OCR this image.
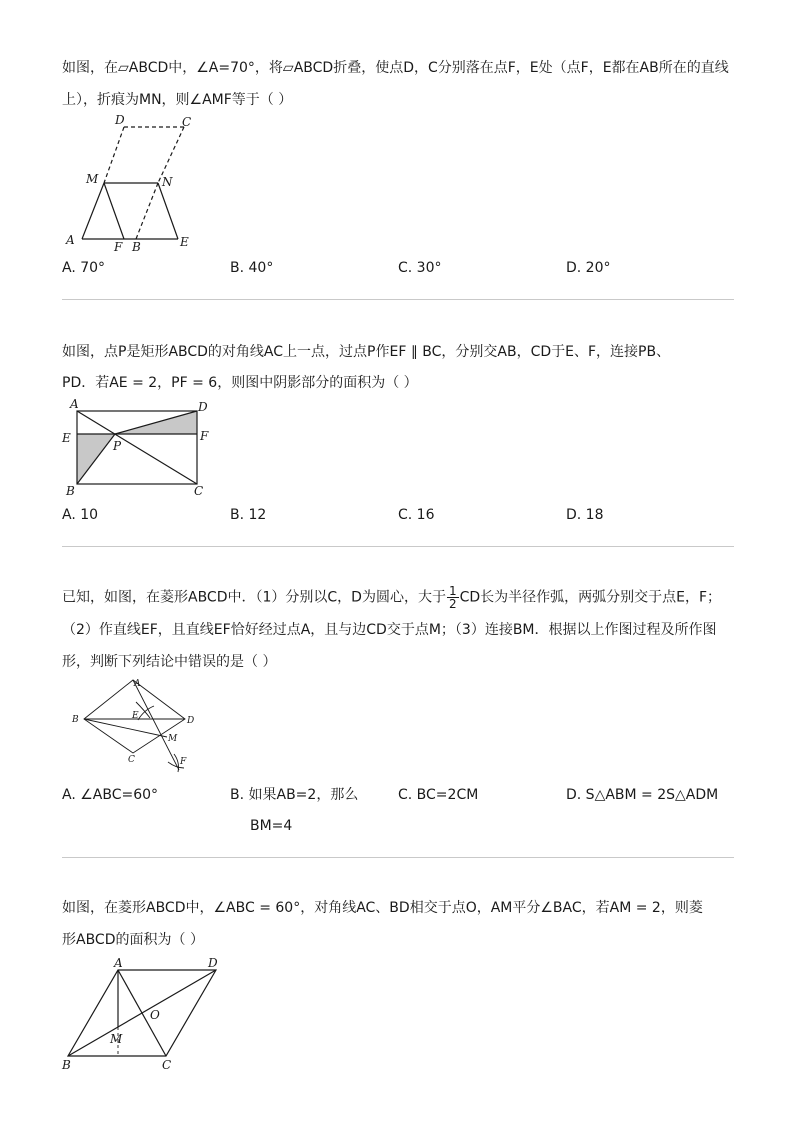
如图，在▱ABCD中，∠A=70°，将▱ABCD折叠，使点D，C分别落在点F，E处（点F，E都在AB所在的直线
上），折痕为MN，则∠AMF等于（ ）
D	C
M	N
A	F B	E
A. 70°	B. 40°	C. 30°	D. 20°
如图，点P是矩形ABCD的对角线AC上一点，过点P作EF ∥ BC，分别交AB，CD于E、F，连接PB、
PD．若AE = 2，PF = 6，则图中阴影部分的面积为（ ）
A	D
E	F
P
B	C
A. 10	B. 12	C. 16	D. 18
已知，如图，在菱形ABCD中．（1）分别以C，D为圆心，大于 $\frac{1}{2}$ CD长为半径作弧，两弧分别交于点E，F；
（2）作直线EF，且直线EF恰好经过点A，且与边CD交于点M；（3）连接BM．根据以上作图过程及所作图
形，判断下列结论中错误的是（ ）
A
B	E	D
M
C	F
A. ∠ABC=60°	B. 如果AB=2，那么
BM=4
C. BC=2CM	D. S△ABM = 2S△ADM
如图，在菱形ABCD中，∠ABC = 60°，对角线AC、BD相交于点O，AM平分∠BAC，若AM = 2，则菱
形ABCD的面积为（ ）
A	D
O
M
B	C
